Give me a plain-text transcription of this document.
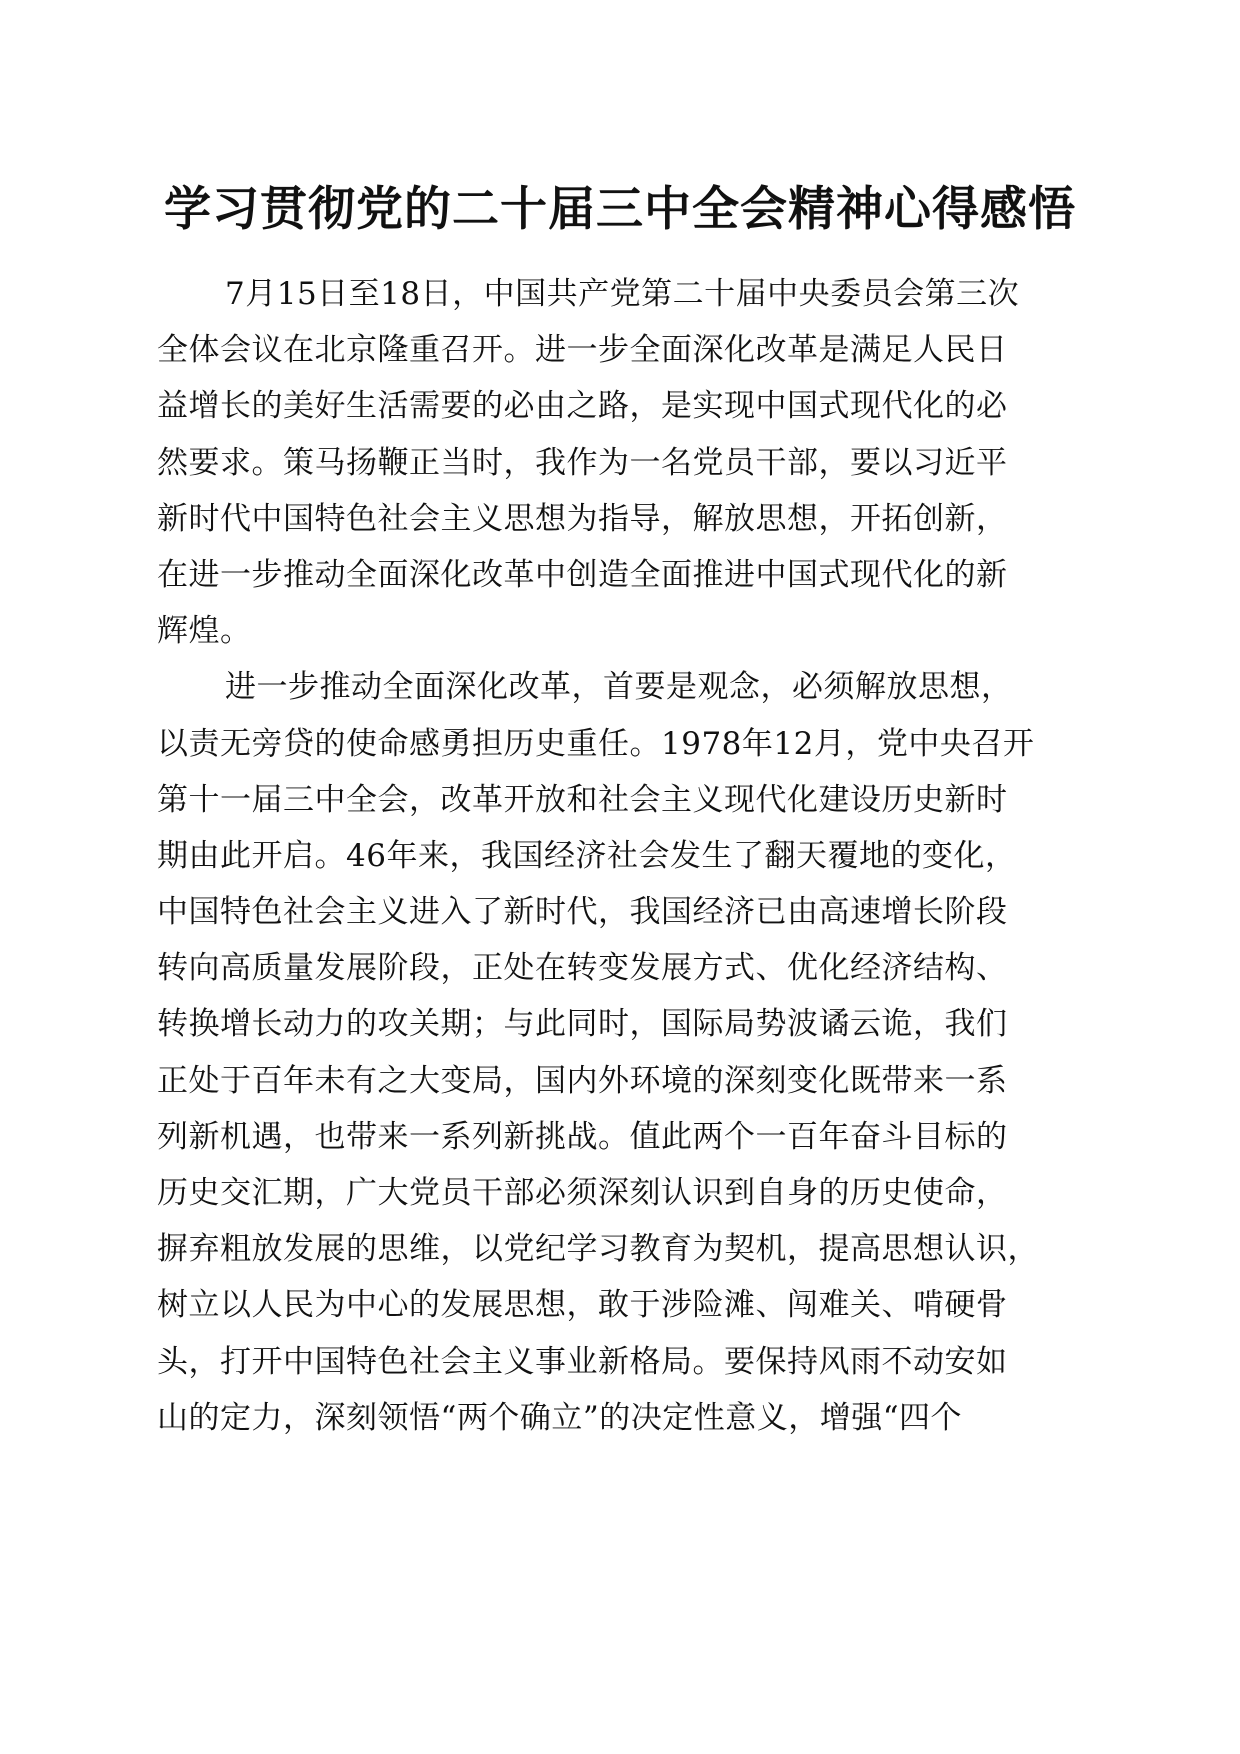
学习贯彻党的二十届三中全会精神心得感悟

7月15日至18日，中国共产党第二十届中央委员会第三次
全体会议在北京隆重召开。进一步全面深化改革是满足人民日
益增长的美好生活需要的必由之路，是实现中国式现代化的必
然要求。策马扬鞭正当时，我作为一名党员干部，要以习近平
新时代中国特色社会主义思想为指导，解放思想，开拓创新，
在进一步推动全面深化改革中创造全面推进中国式现代化的新
辉煌。

进一步推动全面深化改革，首要是观念，必须解放思想，
以责无旁贷的使命感勇担历史重任。1978年12月，党中央召开
第十一届三中全会，改革开放和社会主义现代化建设历史新时
期由此开启。46年来，我国经济社会发生了翻天覆地的变化，
中国特色社会主义进入了新时代，我国经济已由高速增长阶段
转向高质量发展阶段，正处在转变发展方式、优化经济结构、
转换增长动力的攻关期；与此同时，国际局势波谲云诡，我们
正处于百年未有之大变局，国内外环境的深刻变化既带来一系
列新机遇，也带来一系列新挑战。值此两个一百年奋斗目标的
历史交汇期，广大党员干部必须深刻认识到自身的历史使命，
摒弃粗放发展的思维，以党纪学习教育为契机，提高思想认识，
树立以人民为中心的发展思想，敢于涉险滩、闯难关、啃硬骨
头，打开中国特色社会主义事业新格局。要保持风雨不动安如
山的定力，深刻领悟“两个确立”的决定性意义，增强“四个
